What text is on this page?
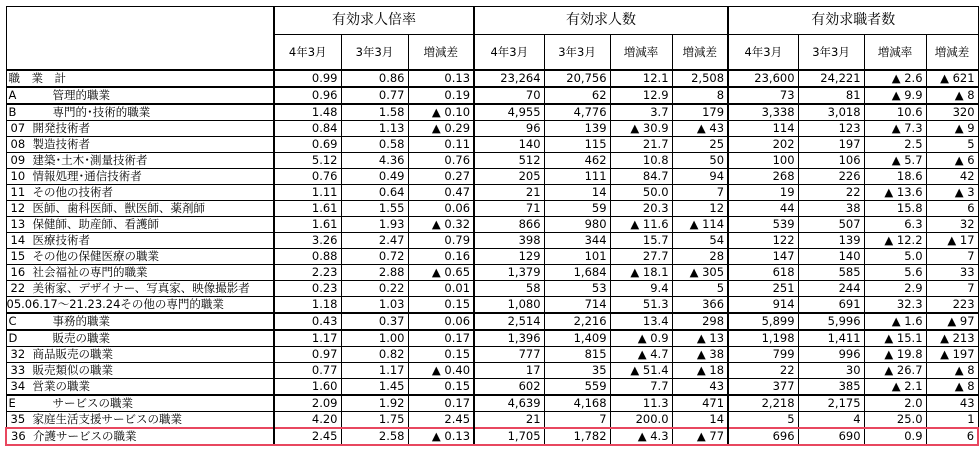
	有効求人倍率			有効求人数				有効求職者数			
	4年3月	3年3月	増減差	4年3月	3年3月	増減率	増減差	4年3月	3年3月	増減率	増減差
職　業　計	0.99	0.86	0.13	23,264	20,756	12.1	2,508	23,600	24,221	▲ 2.6	▲ 621
A 管理的職業	0.96	0.77	0.19	70	62	12.9	8	73	81	▲ 9.9	▲ 8
B 専門的･技術的職業	1.48	1.58	▲ 0.10	4,955	4,776	3.7	179	3,338	3,018	10.6	320
07 開発技術者	0.84	1.13	▲ 0.29	96	139	▲ 30.9	▲ 43	114	123	▲ 7.3	▲ 9
08 製造技術者	0.69	0.58	0.11	140	115	21.7	25	202	197	2.5	5
09 建築･土木･測量技術者	5.12	4.36	0.76	512	462	10.8	50	100	106	▲ 5.7	▲ 6
10 情報処理･通信技術者	0.76	0.49	0.27	205	111	84.7	94	268	226	18.6	42
11 その他の技術者	1.11	0.64	0.47	21	14	50.0	7	19	22	▲ 13.6	▲ 3
12 医師、歯科医師、獣医師、薬剤師	1.61	1.55	0.06	71	59	20.3	12	44	38	15.8	6
13 保健師、助産師、看護師	1.61	1.93	▲ 0.32	866	980	▲ 11.6	▲ 114	539	507	6.3	32
14 医療技術者	3.26	2.47	0.79	398	344	15.7	54	122	139	▲ 12.2	▲ 17
15 その他の保健医療の職業	0.88	0.72	0.16	129	101	27.7	28	147	140	5.0	7
16 社会福祉の専門的職業	2.23	2.88	▲ 0.65	1,379	1,684	▲ 18.1	▲ 305	618	585	5.6	33
22 美術家、デザイナー、写真家、映像撮影者	0.23	0.22	0.01	58	53	9.4	5	251	244	2.9	7
05.06.17～21.23.24その他の専門的職業	1.18	1.03	0.15	1,080	714	51.3	366	914	691	32.3	223
C 事務的職業	0.43	0.37	0.06	2,514	2,216	13.4	298	5,899	5,996	▲ 1.6	▲ 97
D 販売の職業	1.17	1.00	0.17	1,396	1,409	▲ 0.9	▲ 13	1,198	1,411	▲ 15.1	▲ 213
32 商品販売の職業	0.97	0.82	0.15	777	815	▲ 4.7	▲ 38	799	996	▲ 19.8	▲ 197
33 販売類似の職業	0.77	1.17	▲ 0.40	17	35	▲ 51.4	▲ 18	22	30	▲ 26.7	▲ 8
34 営業の職業	1.60	1.45	0.15	602	559	7.7	43	377	385	▲ 2.1	▲ 8
E サービスの職業	2.09	1.92	0.17	4,639	4,168	11.3	471	2,218	2,175	2.0	43
35 家庭生活支援サービスの職業	4.20	1.75	2.45	21	7	200.0	14	5	4	25.0	1
36 介護サービスの職業	2.45	2.58	▲ 0.13	1,705	1,782	▲ 4.3	▲ 77	696	690	0.9	6
